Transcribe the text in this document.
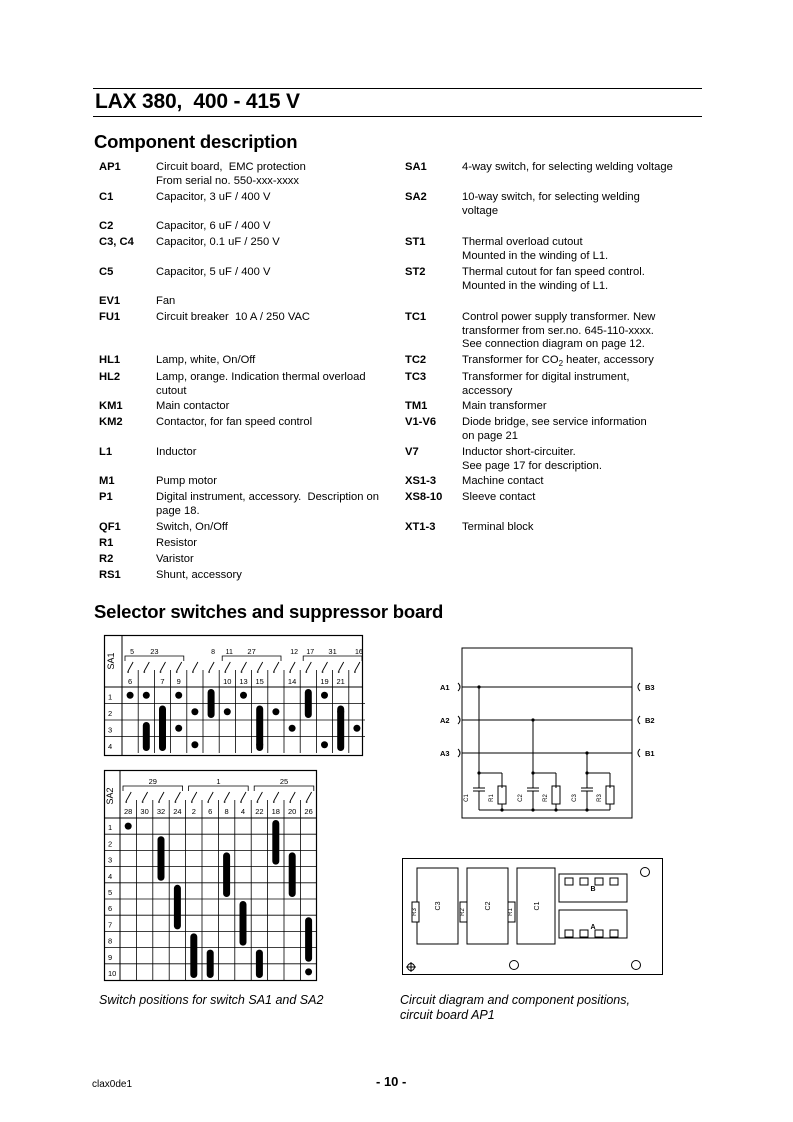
LAX 380,  400 - 415 V
Component description
AP1	Circuit board,  EMC protection
From serial no. 550-xxx-xxxx
C1	Capacitor, 3 uF / 400 V
C2	Capacitor, 6 uF / 400 V
C3, C4 Capacitor, 0.1 uF / 250 V
C5	Capacitor, 5 uF / 400 V
EV1	Fan
FU1	Circuit breaker  10 A / 250 VAC
HL1	Lamp, white, On/Off
HL2	Lamp, orange. Indication thermal overload
cutout
KM1	Main contactor
KM2	Contactor, for fan speed control
L1	Inductor
M1	Pump motor
P1	Digital instrument, accessory.  Description on
page 18.
QF1	Switch, On/Off
R1	Resistor
R2	Varistor
RS1	Shunt, accessory
SA1	4-way switch, for selecting welding voltage
SA2	10-way switch, for selecting welding
voltage
ST1	Thermal overload cutout
Mounted in the winding of L1.
ST2	Thermal cutout for fan speed control.
Mounted in the winding of L1.
TC1	Control power supply transformer. New
transformer from ser.no. 645-110-xxxx.
See connection diagram on page 12.
TC2	Transformer for $CO_2$ heater, accessory
TC3	Transformer for digital instrument,
accessory
TM1	Main transformer
V1-V6 Diode bridge, see service information
on page 21
V7	Inductor short-circuiter.
See page 17 for description.
XS1-3 Machine contact
XS8-10 Sleeve contact
XT1-3 Terminal block
Selector switches and suppressor board
SA1
1
2
3
4
23	27	31
5	8 11	12 17	16
6	7 9	10 13 15	14	19 21
SA2
1
2
3
4
5
6
7
8
9
10
29	1	25
28 30 32 24 2 6 8 4 22 18 20 26
A1
A2
A3
B3
B2
B1
C1	R1	C2	R2	C3	R3
R3
C3
R2
C2
R1
C1
B
A
Switch positions for switch SA1 and SA2	Circuit diagram and component positions,
circuit board AP1
clax0de1	- 10 -
